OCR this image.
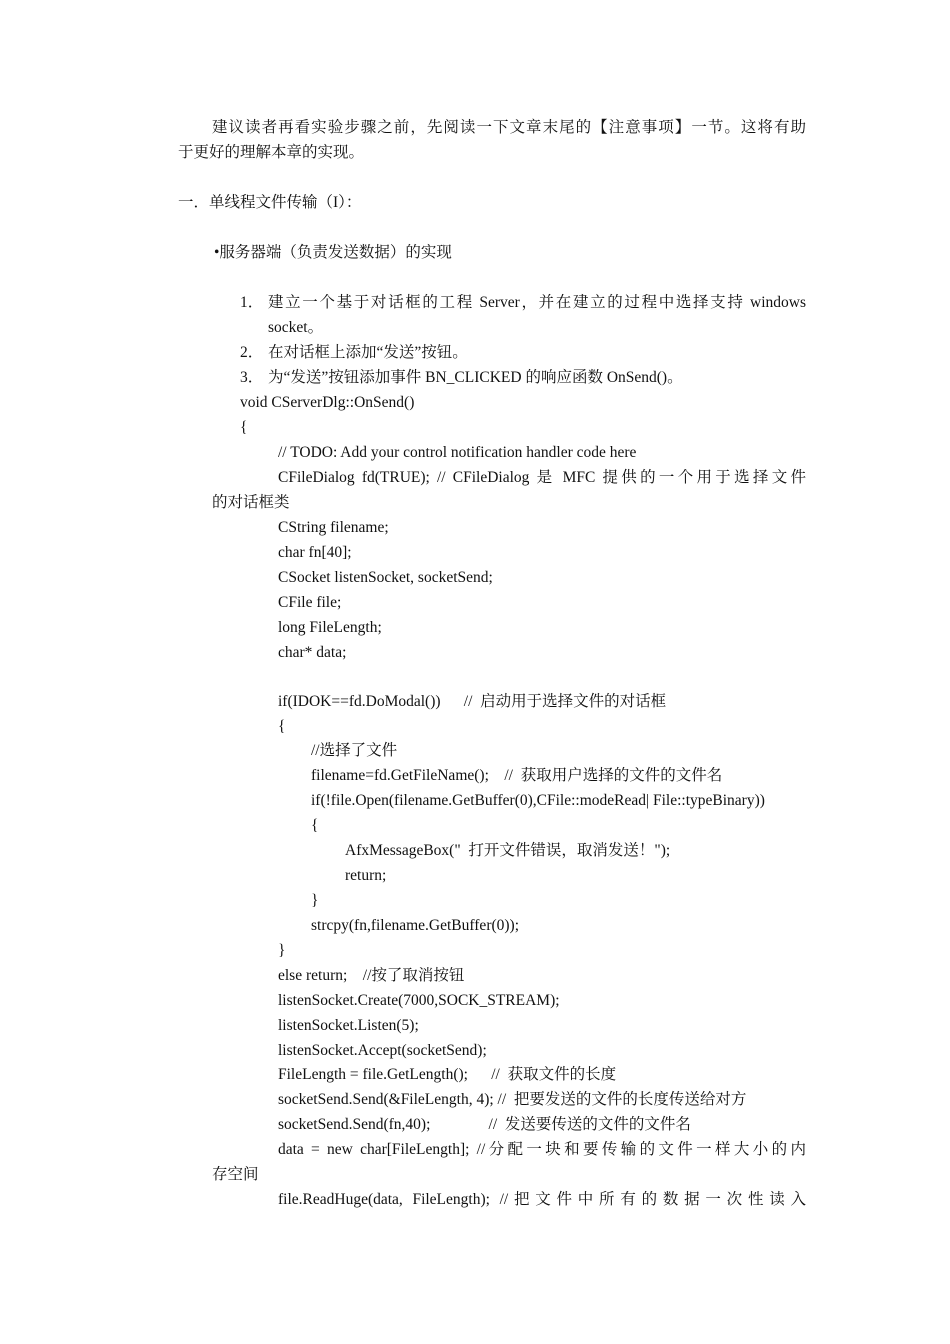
建议读者再看实验步骤之前，先阅读一下文章末尾的【注意事项】一节。这将有助
于更好的理解本章的实现。
一．单线程文件传输（I）：
•服务器端（负责发送数据）的实现
1． 建立一个基于对话框的工程 Server，并在建立的过程中选择支持 windows
socket。
2． 在对话框上添加“发送”按钮。
3． 为“发送”按钮添加事件 BN_CLICKED 的响应函数 OnSend()。
void CServerDlg::OnSend()
{
// TODO: Add your control notification handler code here
CFileDialog fd(TRUE); // CFileDialog 是 MFC 提供的一个用于选择文件
的对话框类
CString filename;
char fn[40];
CSocket listenSocket, socketSend;
CFile file;
long FileLength;
char* data;
if(IDOK==fd.DoModal())      //  启动用于选择文件的对话框
{
//选择了文件
filename=fd.GetFileName();    //  获取用户选择的文件的文件名
if(!file.Open(filename.GetBuffer(0),CFile::modeRead| File::typeBinary))
{
AfxMessageBox("  打开文件错误，取消发送！");
return;
}
strcpy(fn,filename.GetBuffer(0));
}
else return;    //按了取消按钮
listenSocket.Create(7000,SOCK_STREAM);
listenSocket.Listen(5);
listenSocket.Accept(socketSend);
FileLength = file.GetLength();      //  获取文件的长度
socketSend.Send(&FileLength, 4); //  把要发送的文件的长度传送给对方
socketSend.Send(fn,40);               //  发送要传送的文件的文件名
data = new char[FileLength]; //分配一块和要传输的文件一样大小的内
存空间
file.ReadHuge(data, FileLength); //把文件中所有的数据一次性读入
